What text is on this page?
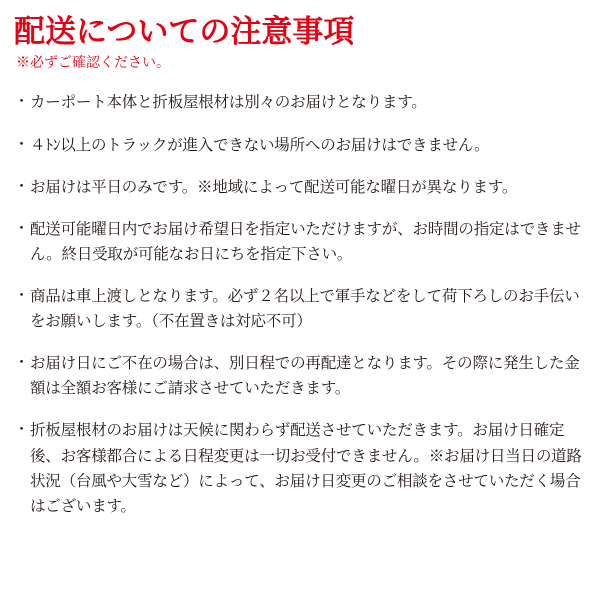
配送についての注意事項
※必ずご確認ください。
・ カーポート本体と折板屋根材は別々のお届けとなります。
・ ４ﾄﾝ以上のトラックが進入できない場所へのお届けはできません。
・ お届けは平日のみです。※地域によって配送可能な曜日が異なります。
・ 配送可能曜日内でお届け希望日を指定いただけますが、お時間の指定はできません。終日受取が可能なお日にちを指定下さい。
・ 商品は車上渡しとなります。必ず２名以上で軍手などをして荷下ろしのお手伝いをお願いします。（不在置きは対応不可）
・ お届け日にご不在の場合は、別日程での再配達となります。その際に発生した金額は全額お客様にご請求させていただきます。
・ 折板屋根材のお届けは天候に関わらず配送させていただきます。お届け日確定後、お客様都合による日程変更は一切お受付できません。※お届け日当日の道路状況（台風や大雪など）によって、お届け日変更のご相談をさせていただく場合はございます。
